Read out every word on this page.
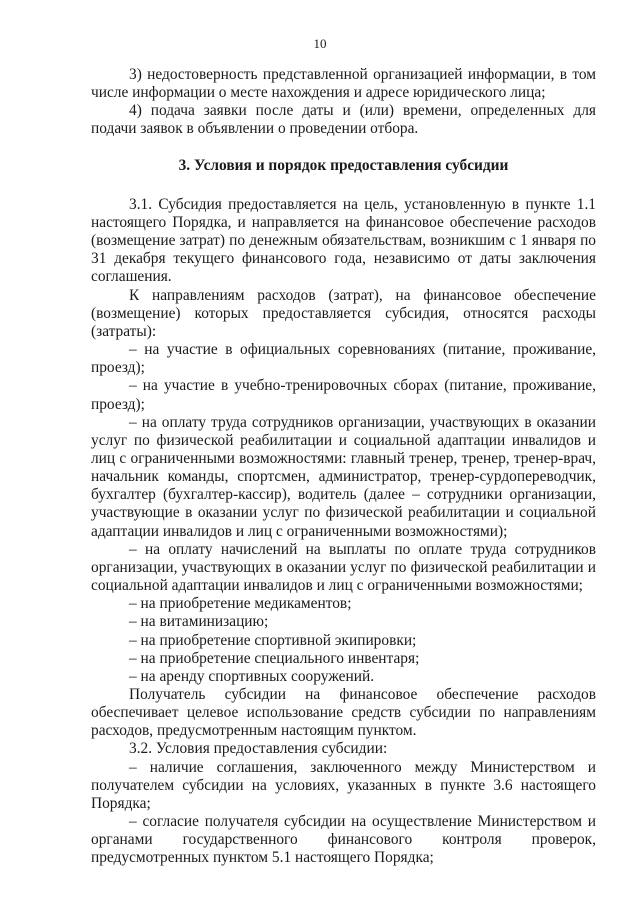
10

3) недостоверность представленной организацией информации, в том числе информации о месте нахождения и адресе юридического лица;

4) подача заявки после даты и (или) времени, определенных для подачи заявок в объявлении о проведении отбора.

3. Условия и порядок предоставления субсидии

3.1. Субсидия предоставляется на цель, установленную в пункте 1.1 настоящего Порядка, и направляется на финансовое обеспечение расходов (возмещение затрат) по денежным обязательствам, возникшим с 1 января по 31 декабря текущего финансового года, независимо от даты заключения соглашения.

К направлениям расходов (затрат), на финансовое обеспечение (возмещение) которых предоставляется субсидия, относятся расходы (затраты):

– на участие в официальных соревнованиях (питание, проживание, проезд);

– на участие в учебно-тренировочных сборах (питание, проживание, проезд);

– на оплату труда сотрудников организации, участвующих в оказании услуг по физической реабилитации и социальной адаптации инвалидов и лиц с ограниченными возможностями: главный тренер, тренер, тренер-врач, начальник команды, спортсмен, администратор, тренер-сурдопереводчик, бухгалтер (бухгалтер-кассир), водитель (далее – сотрудники организации, участвующие в оказании услуг по физической реабилитации и социальной адаптации инвалидов и лиц с ограниченными возможностями);

– на оплату начислений на выплаты по оплате труда сотрудников организации, участвующих в оказании услуг по физической реабилитации и социальной адаптации инвалидов и лиц с ограниченными возможностями;

– на приобретение медикаментов;

– на витаминизацию;

– на приобретение спортивной экипировки;

– на приобретение специального инвентаря;

– на аренду спортивных сооружений.

Получатель субсидии на финансовое обеспечение расходов обеспечивает целевое использование средств субсидии по направлениям расходов, предусмотренным настоящим пунктом.

3.2. Условия предоставления субсидии:

– наличие соглашения, заключенного между Министерством и получателем субсидии на условиях, указанных в пункте 3.6 настоящего Порядка;

– согласие получателя субсидии на осуществление Министерством и органами государственного финансового контроля проверок, предусмотренных пунктом 5.1 настоящего Порядка;
